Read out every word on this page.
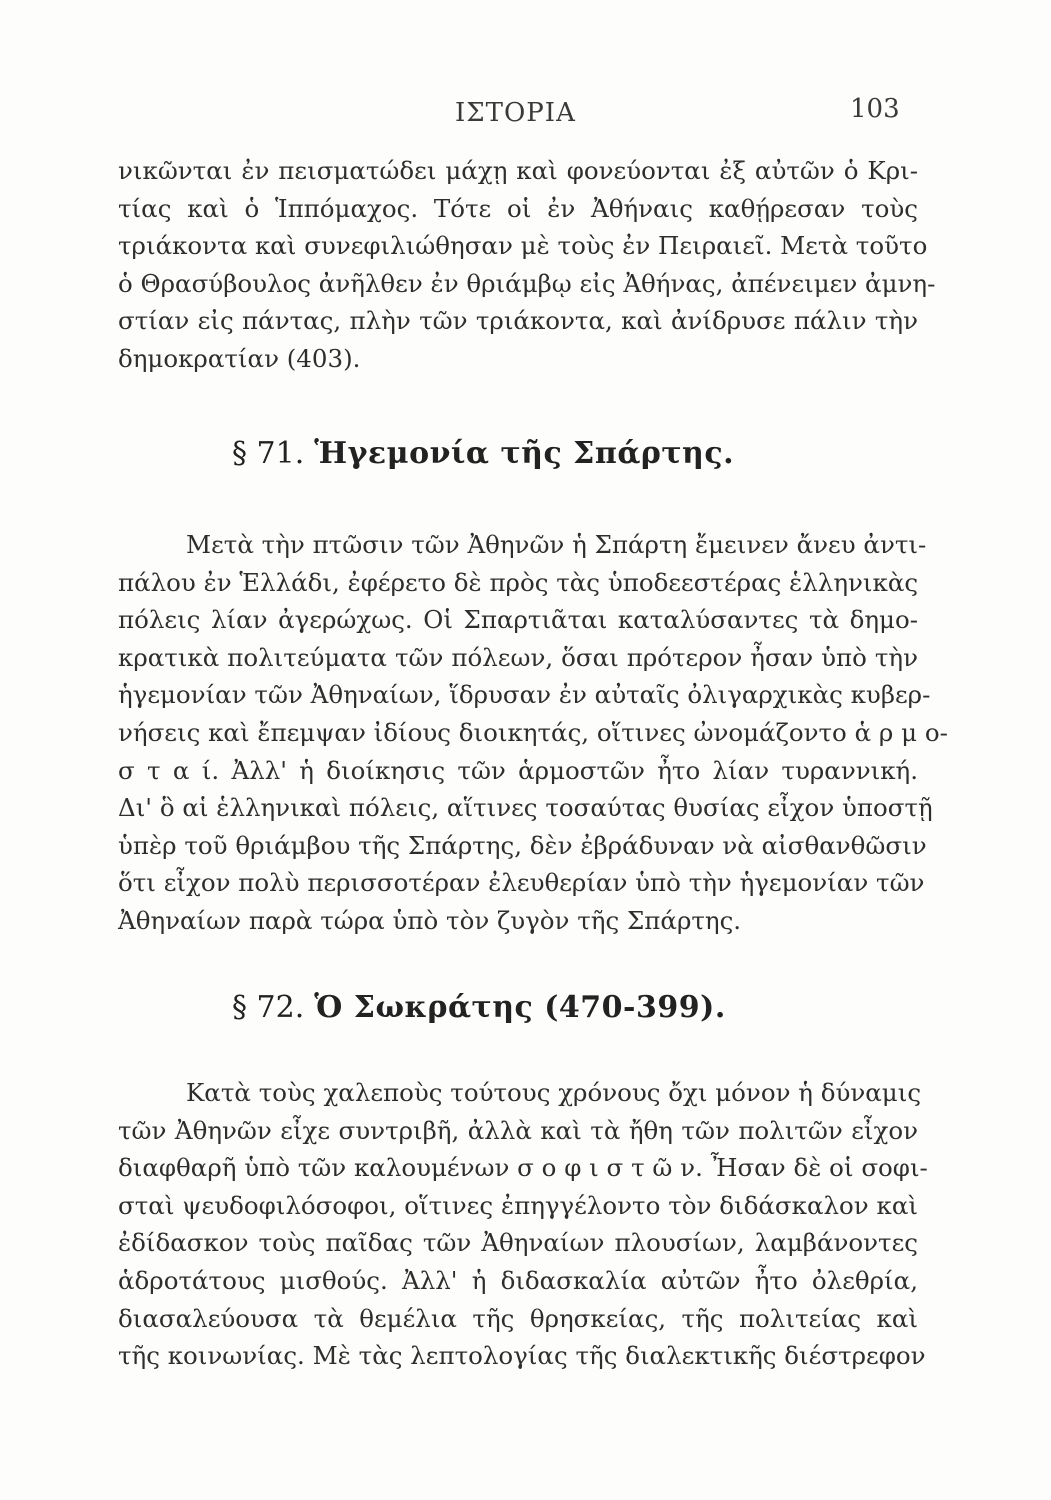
ΙΣΤΟΡΙΑ	103
νικῶνται ἐν πεισματώδει μάχῃ καὶ φονεύονται ἐξ αὐτῶν ὁ Κρι-
τίας καὶ ὁ Ἱππόμαχος. Τότε οἱ ἐν Ἀθήναις καθῄρεσαν τοὺς
τριάκοντα καὶ συνεφιλιώθησαν μὲ τοὺς ἐν Πειραιεῖ. Μετὰ τοῦτο
ὁ Θρασύβουλος ἀνῆλθεν ἐν θριάμβῳ εἰς Ἀθήνας, ἀπένειμεν ἀμνη-
στίαν εἰς πάντας, πλὴν τῶν τριάκοντα, καὶ ἀνίδρυσε πάλιν τὴν
δημοκρατίαν (403).
§ 71. Ἡγεμονία τῆς Σπάρτης.
Μετὰ τὴν πτῶσιν τῶν Ἀθηνῶν ἡ Σπάρτη ἔμεινεν ἄνευ ἀντι-
πάλου ἐν Ἑλλάδι, ἐφέρετο δὲ πρὸς τὰς ὑποδεεστέρας ἑλληνικὰς
πόλεις λίαν ἀγερώχως. Οἱ Σπαρτιᾶται καταλύσαντες τὰ δημο-
κρατικὰ πολιτεύματα τῶν πόλεων, ὅσαι πρότερον ἦσαν ὑπὸ τὴν
ἡγεμονίαν τῶν Ἀθηναίων, ἵδρυσαν ἐν αὐταῖς ὀλιγαρχικὰς κυβερ-
νήσεις καὶ ἔπεμψαν ἰδίους διοικητάς, οἵτινες ὠνομάζοντο ἁ ρ μ ο-
σ τ α ί. Ἀλλ' ἡ διοίκησις τῶν ἁρμοστῶν ἦτο λίαν τυραννική.
Δι' ὃ αἱ ἑλληνικαὶ πόλεις, αἵτινες τοσαύτας θυσίας εἶχον ὑποστῇ
ὑπὲρ τοῦ θριάμβου τῆς Σπάρτης, δὲν ἐβράδυναν νὰ αἰσθανθῶσιν
ὅτι εἶχον πολὺ περισσοτέραν ἐλευθερίαν ὑπὸ τὴν ἡγεμονίαν τῶν
Ἀθηναίων παρὰ τώρα ὑπὸ τὸν ζυγὸν τῆς Σπάρτης.
§ 72. Ὁ Σωκράτης (470-399).
Κατὰ τοὺς χαλεποὺς τούτους χρόνους ὄχι μόνον ἡ δύναμις
τῶν Ἀθηνῶν εἶχε συντριβῆ, ἀλλὰ καὶ τὰ ἤθη τῶν πολιτῶν εἶχον
διαφθαρῆ ὑπὸ τῶν καλουμένων σ ο φ ι σ τ ῶ ν. Ἦσαν δὲ οἱ σοφι-
σταὶ ψευδοφιλόσοφοι, οἵτινες ἐπηγγέλοντο τὸν διδάσκαλον καὶ
ἐδίδασκον τοὺς παῖδας τῶν Ἀθηναίων πλουσίων, λαμβάνοντες
ἁδροτάτους μισθούς. Ἀλλ' ἡ διδασκαλία αὐτῶν ἦτο ὀλεθρία,
διασαλεύουσα τὰ θεμέλια τῆς θρησκείας, τῆς πολιτείας καὶ
τῆς κοινωνίας. Μὲ τὰς λεπτολογίας τῆς διαλεκτικῆς διέστρεφον
